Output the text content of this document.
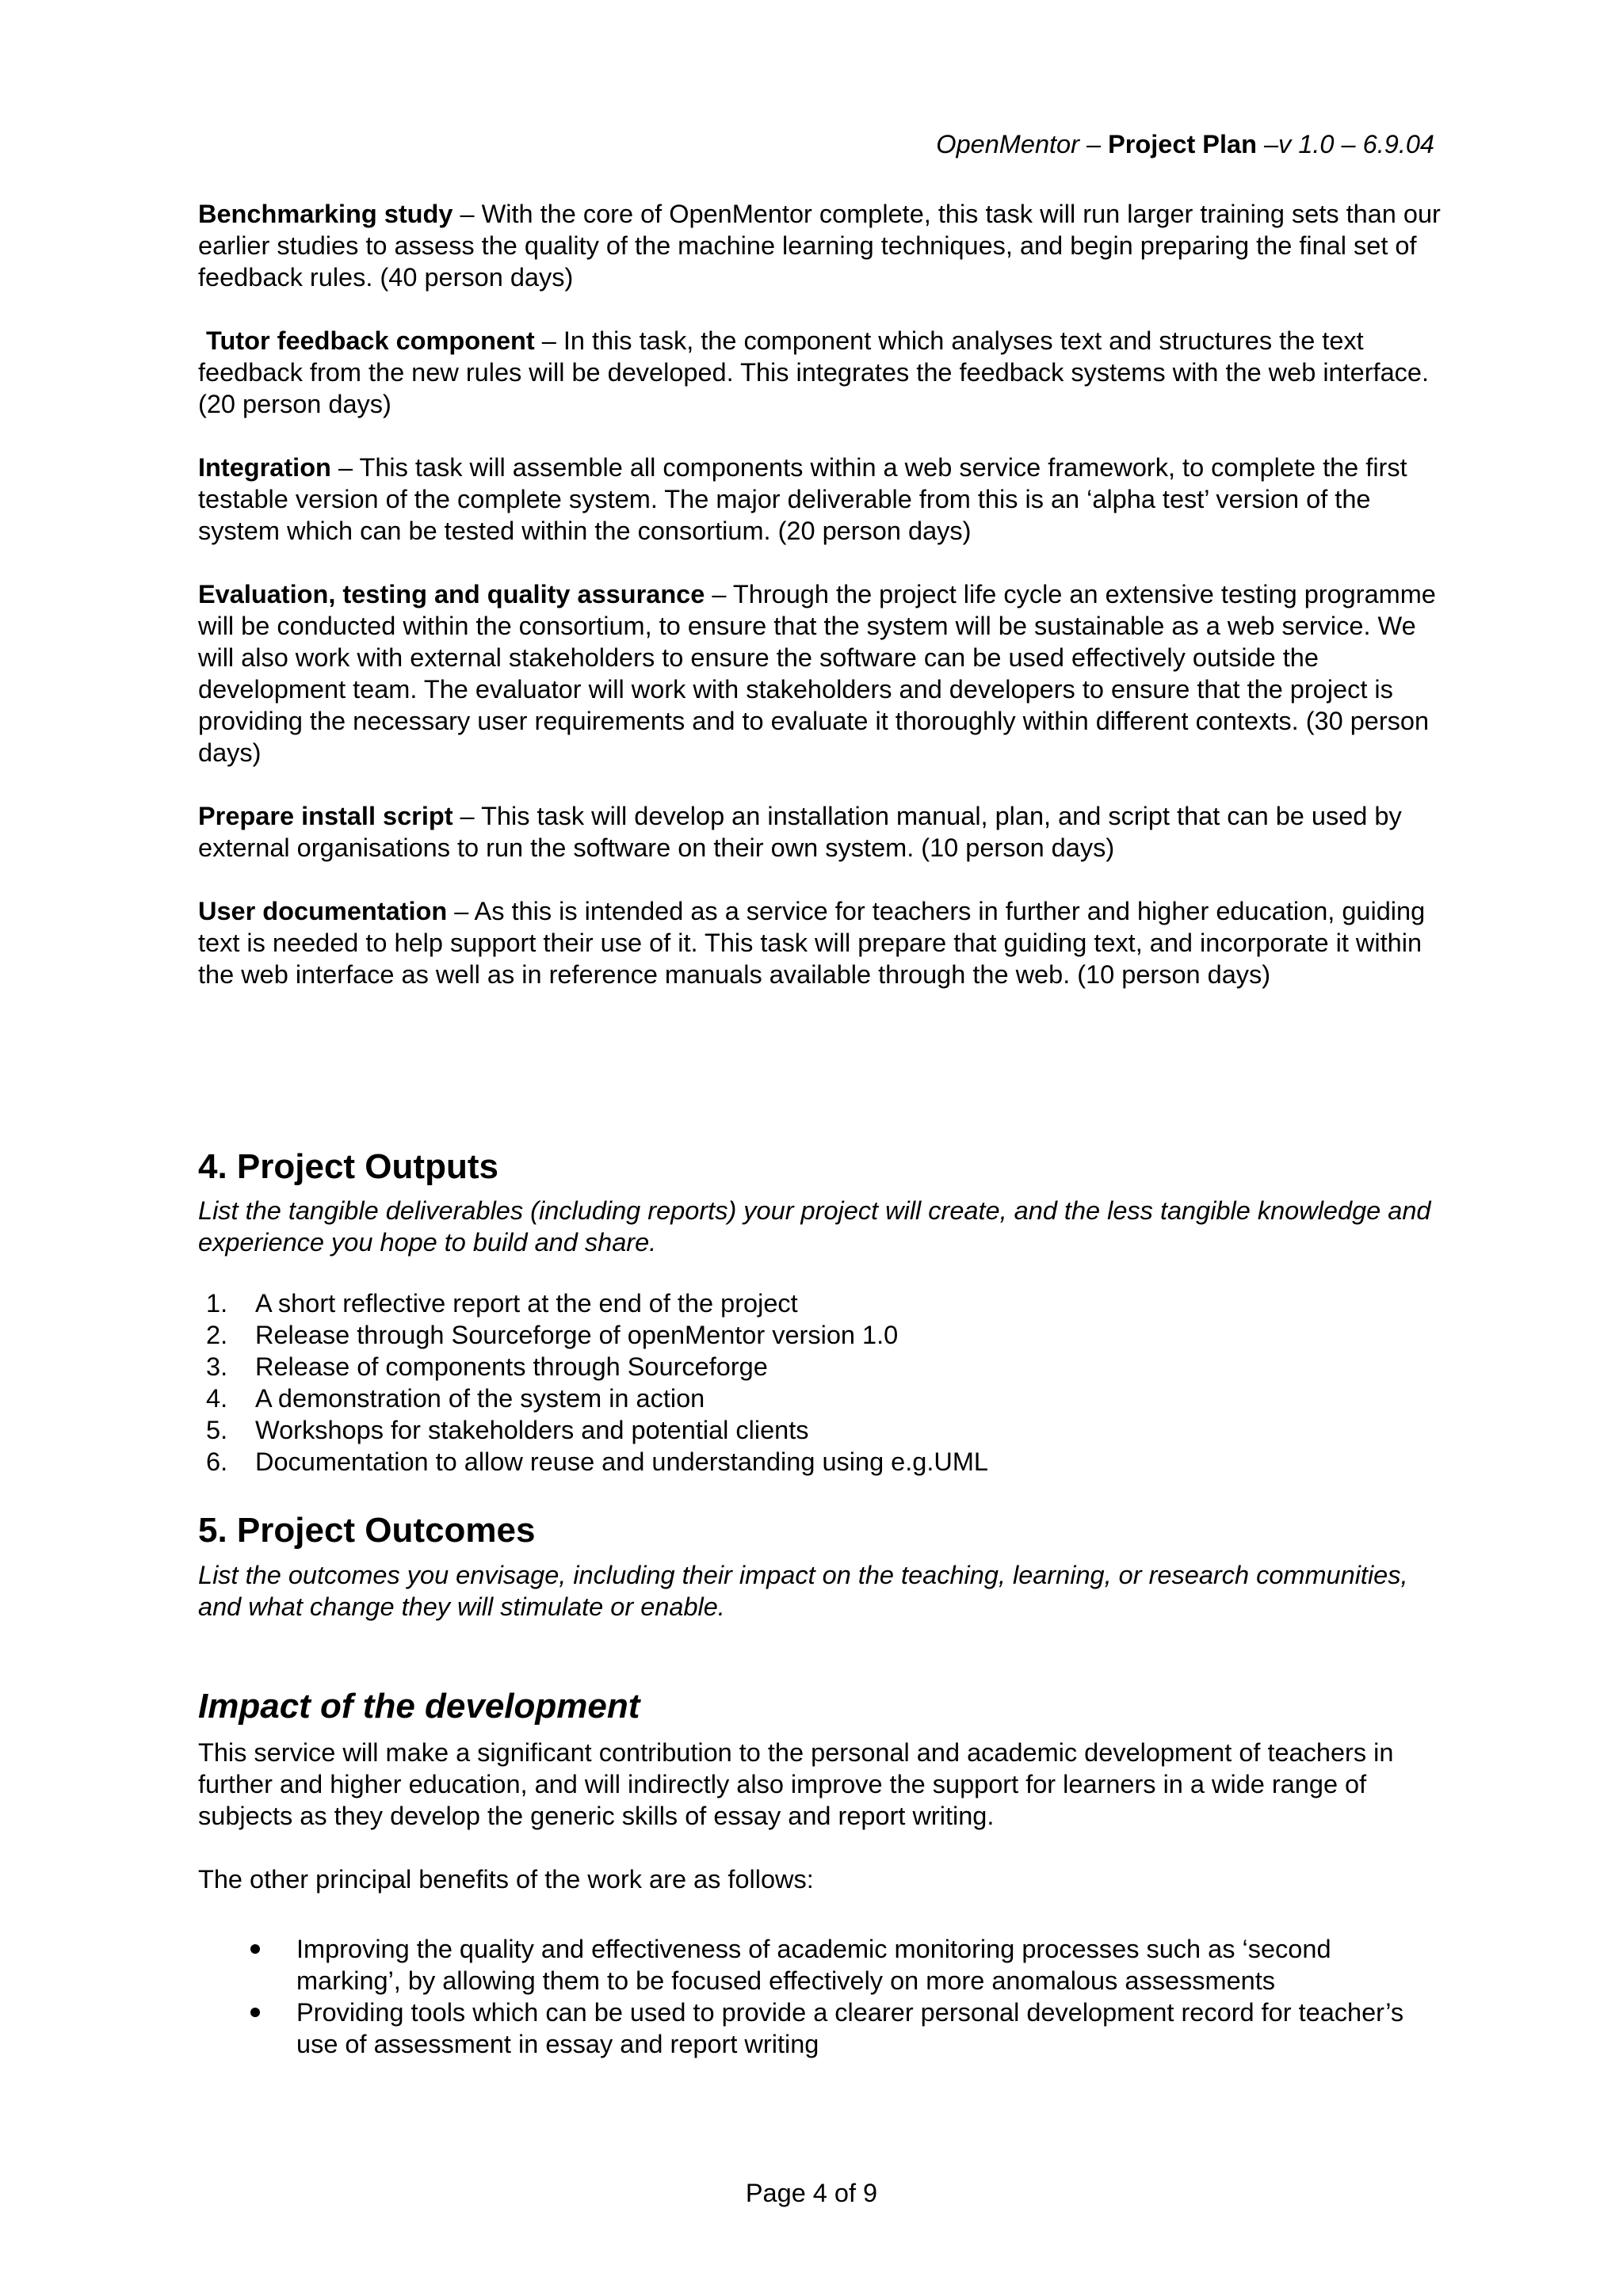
OpenMentor – Project Plan –v 1.0 – 6.9.04

Benchmarking study – With the core of OpenMentor complete, this task will run larger training sets than our earlier studies to assess the quality of the machine learning techniques, and begin preparing the final set of feedback rules. (40 person days)

Tutor feedback component – In this task, the component which analyses text and structures the text feedback from the new rules will be developed. This integrates the feedback systems with the web interface. (20 person days)

Integration – This task will assemble all components within a web service framework, to complete the first testable version of the complete system. The major deliverable from this is an ‘alpha test’ version of the system which can be tested within the consortium. (20 person days)

Evaluation, testing and quality assurance – Through the project life cycle an extensive testing programme will be conducted within the consortium, to ensure that the system will be sustainable as a web service. We will also work with external stakeholders to ensure the software can be used effectively outside the development team. The evaluator will work with stakeholders and developers to ensure that the project is providing the necessary user requirements and to evaluate it thoroughly within different contexts. (30 person days)

Prepare install script – This task will develop an installation manual, plan, and script that can be used by external organisations to run the software on their own system. (10 person days)

User documentation – As this is intended as a service for teachers in further and higher education, guiding text is needed to help support their use of it. This task will prepare that guiding text, and incorporate it within the web interface as well as in reference manuals available through the web. (10 person days)

4. Project Outputs

List the tangible deliverables (including reports) your project will create, and the less tangible knowledge and experience you hope to build and share.

1. A short reflective report at the end of the project
2. Release through Sourceforge of openMentor version 1.0
3. Release of components through Sourceforge
4. A demonstration of the system in action
5. Workshops for stakeholders and potential clients
6. Documentation to allow reuse and understanding using e.g.UML
5. Project Outcomes

List the outcomes you envisage, including their impact on the teaching, learning, or research communities, and what change they will stimulate or enable.

Impact of the development

This service will make a significant contribution to the personal and academic development of teachers in further and higher education, and will indirectly also improve the support for learners in a wide range of subjects as they develop the generic skills of essay and report writing.

The other principal benefits of the work are as follows:

Improving the quality and effectiveness of academic monitoring processes such as ‘second marking’, by allowing them to be focused effectively on more anomalous assessments
Providing tools which can be used to provide a clearer personal development record for teacher’s use of assessment in essay and report writing
Page 4 of 9
